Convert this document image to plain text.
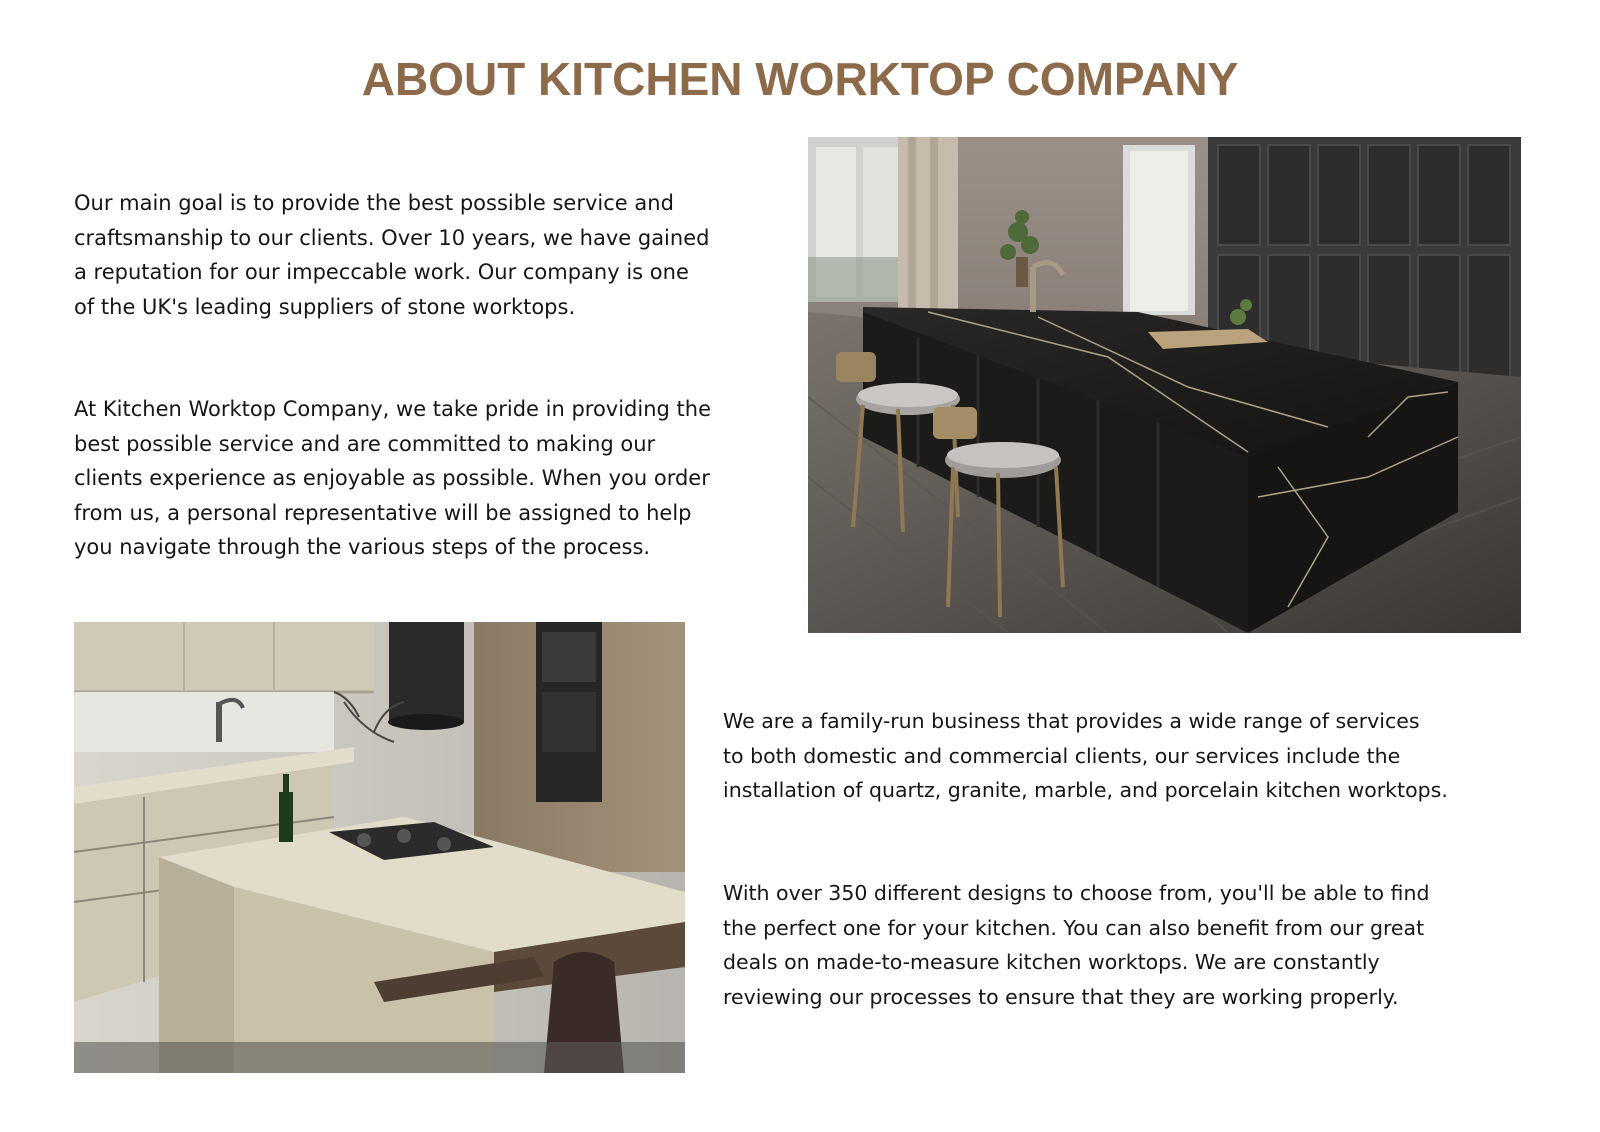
ABOUT KITCHEN WORKTOP COMPANY

Our main goal is to provide the best possible service and
craftsmanship to our clients. Over 10 years, we have gained
a reputation for our impeccable work. Our company is one
of the UK's leading suppliers of stone worktops.

At Kitchen Worktop Company, we take pride in providing the
best possible service and are committed to making our
clients experience as enjoyable as possible. When you order
from us, a personal representative will be assigned to help
you navigate through the various steps of the process.

We are a family-run business that provides a wide range of services
to both domestic and commercial clients, our services include the
installation of quartz, granite, marble, and porcelain kitchen worktops.

With over 350 different designs to choose from, you'll be able to find
the perfect one for your kitchen. You can also benefit from our great
deals on made-to-measure kitchen worktops. We are constantly
reviewing our processes to ensure that they are working properly.
